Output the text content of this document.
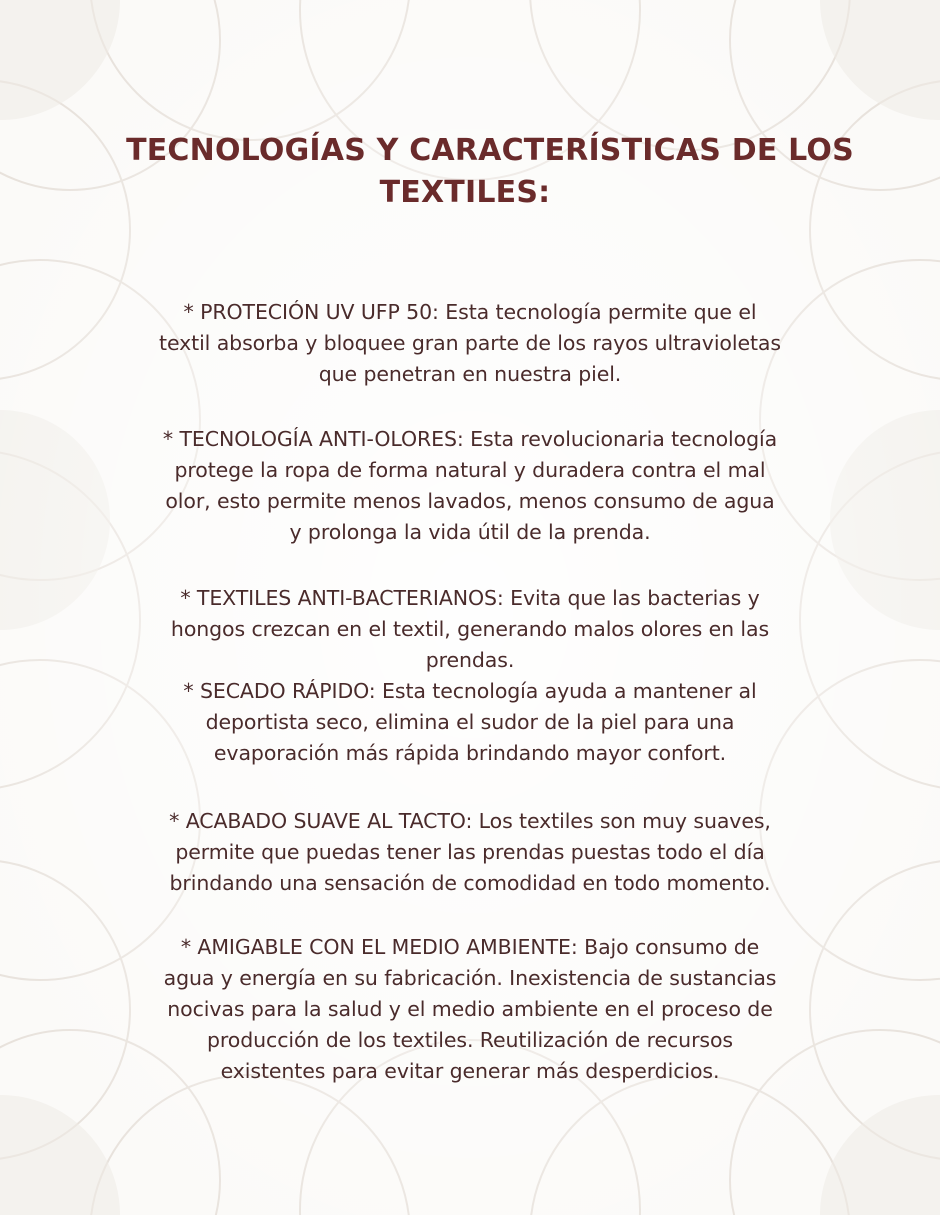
TECNOLOGÍAS Y CARACTERÍSTICAS DE LOS
TEXTILES:

* PROTECIÓN UV UFP 50: Esta tecnología permite que el
textil absorba y bloquee gran parte de los rayos ultravioletas
que penetran en nuestra piel.

* TECNOLOGÍA ANTI-OLORES: Esta revolucionaria tecnología
protege la ropa de forma natural y duradera contra el mal
olor, esto permite menos lavados, menos consumo de agua
y prolonga la vida útil de la prenda.

* TEXTILES ANTI-BACTERIANOS: Evita que las bacterias y
hongos crezcan en el textil, generando malos olores en las
prendas.
* SECADO RÁPIDO: Esta tecnología ayuda a mantener al
deportista seco, elimina el sudor de la piel para una
evaporación más rápida brindando mayor confort.

* ACABADO SUAVE AL TACTO: Los textiles son muy suaves,
permite que puedas tener las prendas puestas todo el día
brindando una sensación de comodidad en todo momento.

* AMIGABLE CON EL MEDIO AMBIENTE: Bajo consumo de
agua y energía en su fabricación. Inexistencia de sustancias
nocivas para la salud y el medio ambiente en el proceso de
producción de los textiles. Reutilización de recursos
existentes para evitar generar más desperdicios.
